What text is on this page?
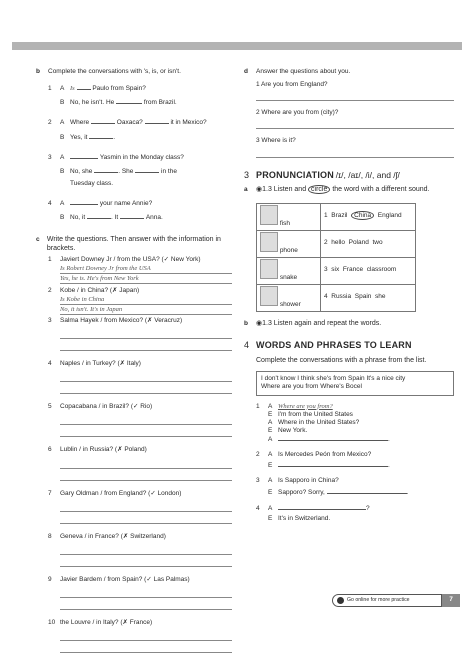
b	Complete the conversations with 's, is, or isn't.
1	A Is

	Paulo from Spain?
B No, he isn't.
He

	from Brazil.
2	A Where

	Oaxaca?

	it in Mexico?
B Yes, it
	.
3	A
	Yasmin in the Monday class?
B No, she
	. She

	in the
Tuesday class.
4	A
	your name Annie?
B No, it
	. It

	Anna.
c	Write the questions. Then answer with the information in brackets.
1	Javiert Downey Jr / from the USA? (✓ New York)
Is Robert Downey Jr from the USA
Yes, he is. He's from New York
2	Kobe / in China? (✗ Japan)
Is Kobe in China
No, it isn't. It's in Japan
3	Salma Hayek / from Mexico? (✗ Veracruz)
4	Naples / in Turkey? (✗ Italy)
5	Copacabana / in Brazil? (✓ Rio)
6	Lublin / in Russia? (✗ Poland)
7	Gary Oldman / from England? (✓ London)
8	Geneva / in France? (✗ Switzerland)
9	Javier Bardem / from Spain? (✓ Las Palmas)
10 the Louvre / in Italy? (✗ France)
d	Answer the questions about you.
1 Are you from England?
2 Where are you from (city)?
3 Where is it?
3 PRONUNCIATION
/ɪ/, /aɪ/, /i/, and /ʃ/
a	◉1.3 Listen and circle the word with a different sound.
fish	1 Brazil China England
phone	2 hello Poland two
snake	3 six France classroom
shower	4 Russia Spain she
b	◉1.3 Listen again and repeat the words.
4 WORDS AND PHRASES TO LEARN
Complete the conversations with a phrase from the list.
I don't know I think she's from Spain It's a nice city
Where are you from Where's Bocel
1	A Where are you from?
E I'm from the United States
A Where in the United States?
E New York.
A	.
2	A Is Mercedes Peón from Mexico?
E	.
3	A Is Sapporo in China?
E Sapporo? Sorry,
	.
4	A	?
E It's in Switzerland.
Go online for more practice	7
